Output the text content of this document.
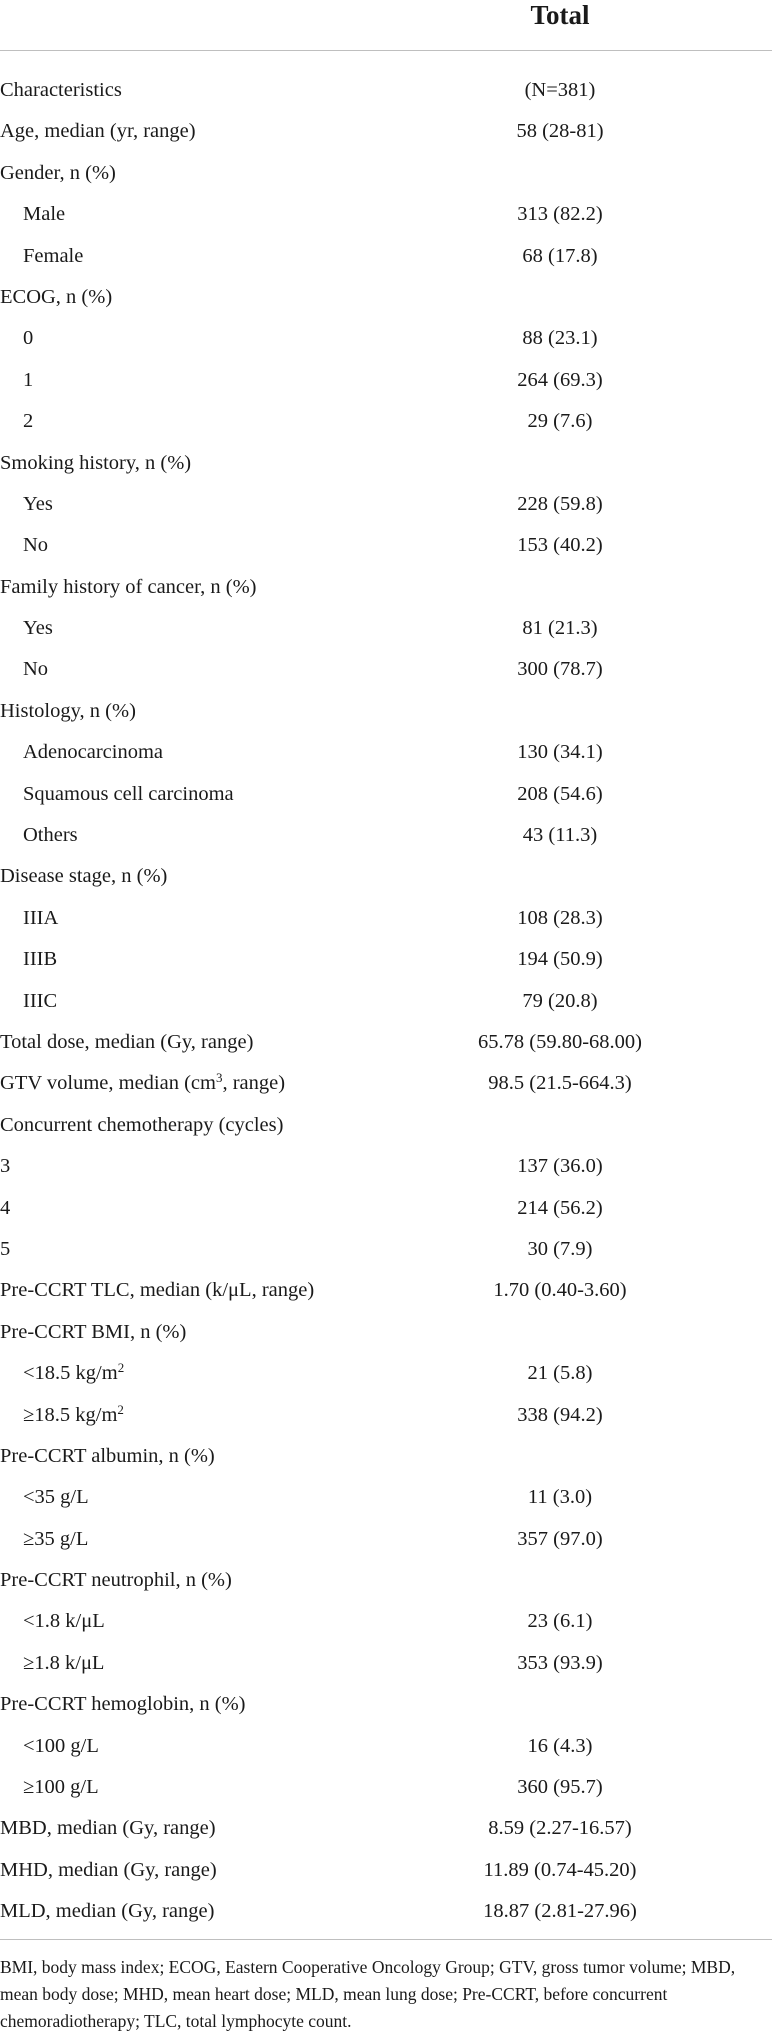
Total
Characteristics	(N=381)
Age, median (yr, range)	58 (28-81)
Gender, n (%)
Male	313 (82.2)
Female	68 (17.8)
ECOG, n (%)
0	88 (23.1)
1	264 (69.3)
2	29 (7.6)
Smoking history, n (%)
Yes	228 (59.8)
No	153 (40.2)
Family history of cancer, n (%)
Yes	81 (21.3)
No	300 (78.7)
Histology, n (%)
Adenocarcinoma	130 (34.1)
Squamous cell carcinoma	208 (54.6)
Others	43 (11.3)
Disease stage, n (%)
IIIA	108 (28.3)
IIIB	194 (50.9)
IIIC	79 (20.8)
Total dose, median (Gy, range)	65.78 (59.80-68.00)
GTV volume, median ($cm^3$, range)	98.5 (21.5-664.3)
Concurrent chemotherapy (cycles)
3	137 (36.0)
4	214 (56.2)
5	30 (7.9)
Pre-CCRT TLC, median (k/μL, range)	1.70 (0.40-3.60)
Pre-CCRT BMI, n (%)
<18.5 $kg/m^2$	21 (5.8)
≥18.5 $kg/m^2$	338 (94.2)
Pre-CCRT albumin, n (%)
<35 g/L	11 (3.0)
≥35 g/L	357 (97.0)
Pre-CCRT neutrophil, n (%)
<1.8 k/μL	23 (6.1)
≥1.8 k/μL	353 (93.9)
Pre-CCRT hemoglobin, n (%)
<100 g/L	16 (4.3)
≥100 g/L	360 (95.7)
MBD, median (Gy, range)	8.59 (2.27-16.57)
MHD, median (Gy, range)	11.89 (0.74-45.20)
MLD, median (Gy, range)	18.87 (2.81-27.96)
BMI, body mass index; ECOG, Eastern Cooperative Oncology Group; GTV, gross tumor volume; MBD, mean body dose; MHD, mean heart dose; MLD, mean lung dose; Pre-CCRT, before concurrent chemoradiotherapy; TLC, total lymphocyte count.
